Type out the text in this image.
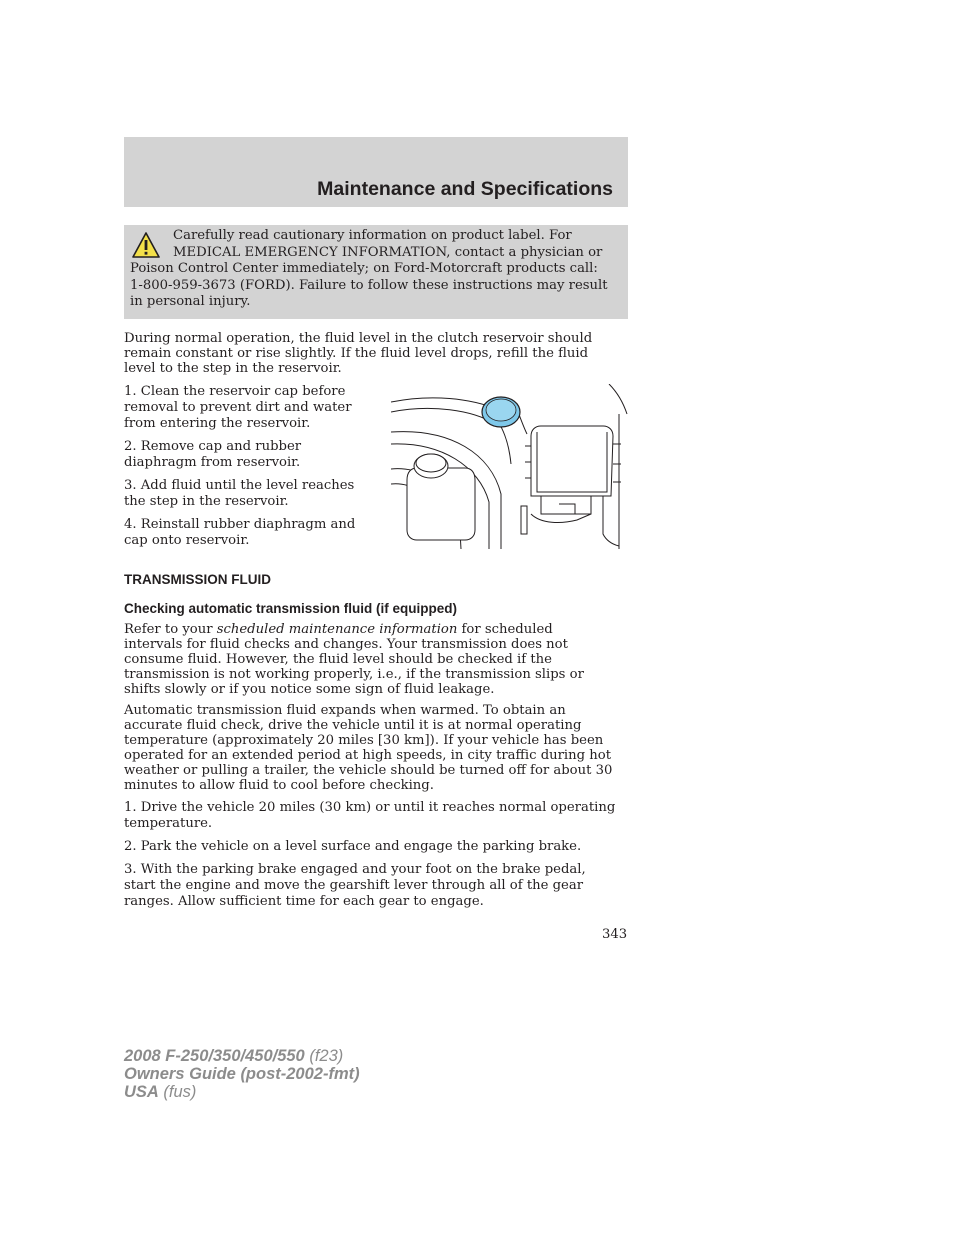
Maintenance and Specifications

Carefully read cautionary information on product label. For
MEDICAL EMERGENCY INFORMATION, contact a physician or
Poison Control Center immediately; on Ford-Motorcraft products call:
1-800-959-3673 (FORD). Failure to follow these instructions may result
in personal injury.

During normal operation, the fluid level in the clutch reservoir should
remain constant or rise slightly. If the fluid level drops, refill the fluid
level to the step in the reservoir.

1. Clean the reservoir cap before
removal to prevent dirt and water
from entering the reservoir.

2. Remove cap and rubber
diaphragm from reservoir.

3. Add fluid until the level reaches
the step in the reservoir.

4. Reinstall rubber diaphragm and
cap onto reservoir.

TRANSMISSION FLUID
Checking automatic transmission fluid (if equipped)

Refer to your scheduled maintenance information for scheduled
intervals for fluid checks and changes. Your transmission does not
consume fluid. However, the fluid level should be checked if the
transmission is not working properly, i.e., if the transmission slips or
shifts slowly or if you notice some sign of fluid leakage.

Automatic transmission fluid expands when warmed. To obtain an
accurate fluid check, drive the vehicle until it is at normal operating
temperature (approximately 20 miles [30 km]). If your vehicle has been
operated for an extended period at high speeds, in city traffic during hot
weather or pulling a trailer, the vehicle should be turned off for about 30
minutes to allow fluid to cool before checking.

1. Drive the vehicle 20 miles (30 km) or until it reaches normal operating
temperature.

2. Park the vehicle on a level surface and engage the parking brake.

3. With the parking brake engaged and your foot on the brake pedal,
start the engine and move the gearshift lever through all of the gear
ranges. Allow sufficient time for each gear to engage.

343

2008 F-250/350/450/550 (f23)
Owners Guide (post-2002-fmt)
USA (fus)
